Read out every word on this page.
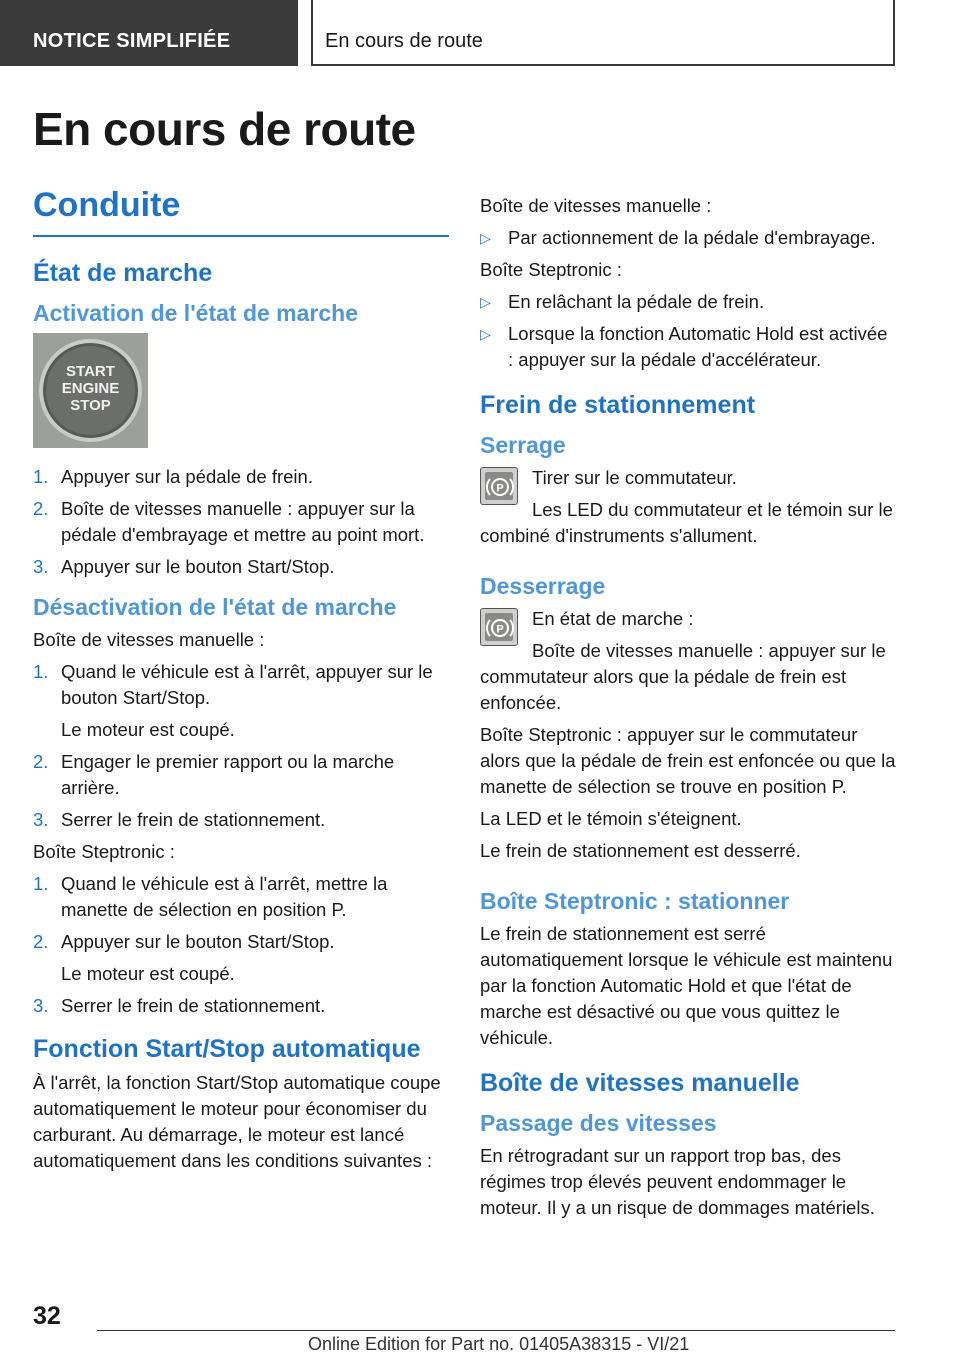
NOTICE SIMPLIFIÉE	En cours de route
En cours de route
Conduite
État de marche
Activation de l'état de marche
START
ENGINE
STOP
1. Appuyer sur la pédale de frein.
2. Boîte de vitesses manuelle : appuyer sur la pédale d'embrayage et mettre au point mort.
3. Appuyer sur le bouton Start/Stop.
Désactivation de l'état de marche

Boîte de vitesses manuelle :

1. Quand le véhicule est à l'arrêt, appuyer sur le bouton Start/Stop.
Le moteur est coupé.
2. Engager le premier rapport ou la marche arrière.
3. Serrer le frein de stationnement.

Boîte Steptronic :

1. Quand le véhicule est à l'arrêt, mettre la manette de sélection en position P.
2. Appuyer sur le bouton Start/Stop.
Le moteur est coupé.
3. Serrer le frein de stationnement.
Fonction Start/Stop automatique

À l'arrêt, la fonction Start/Stop automatique coupe automatiquement le moteur pour économiser du carburant. Au démarrage, le moteur est lancé automatiquement dans les conditions suivantes :

Boîte de vitesses manuelle :

▷ Par actionnement de la pédale d'embrayage.

Boîte Steptronic :

▷ En relâchant la pédale de frein.
▷ Lorsque la fonction Automatic Hold est activée : appuyer sur la pédale d'accélérateur.
Frein de stationnement
Serrage
P

Tirer sur le commutateur.

Les LED du commutateur et le témoin sur le combiné d'instruments s'allument.

Desserrage
P

En état de marche :

Boîte de vitesses manuelle : appuyer sur le commutateur alors que la pédale de frein est enfoncée.

Boîte Steptronic : appuyer sur le commutateur alors que la pédale de frein est enfoncée ou que la manette de sélection se trouve en position P.

La LED et le témoin s'éteignent.

Le frein de stationnement est desserré.

Boîte Steptronic : stationner

Le frein de stationnement est serré automatiquement lorsque le véhicule est maintenu par la fonction Automatic Hold et que l'état de marche est désactivé ou que vous quittez le véhicule.

Boîte de vitesses manuelle
Passage des vitesses

En rétrogradant sur un rapport trop bas, des régimes trop élevés peuvent endommager le moteur. Il y a un risque de dommages matériels.

32
Online Edition for Part no. 01405A38315 - VI/21
